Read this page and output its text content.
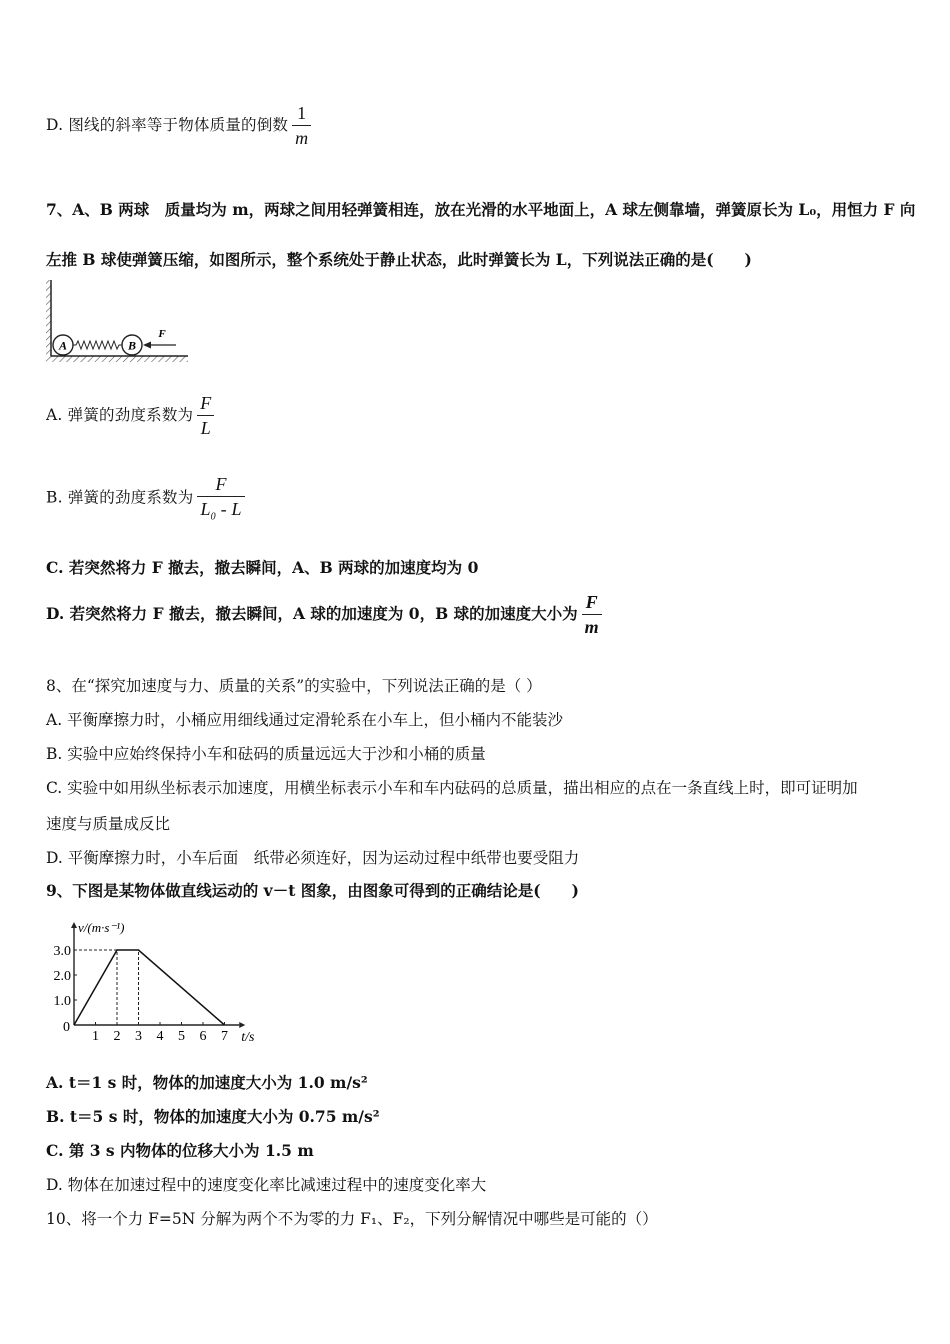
D. 图线的斜率等于物体质量的倒数 $\frac{1}{m}$
7、A、B 两球　质量均为 m，两球之间用轻弹簧相连，放在光滑的水平地面上，A 球左侧靠墙，弹簧原长为 L₀，用恒力 F 向
左推 B 球使弹簧压缩，如图所示，整个系统处于静止状态，此时弹簧长为 L，下列说法正确的是(　　)
A	B
F
A. 弹簧的劲度系数为 $\frac{F}{L}$
B. 弹簧的劲度系数为 $\frac{F}{L_0 - L}$
C. 若突然将力 F 撤去，撤去瞬间，A、B 两球的加速度均为 0
D. 若突然将力 F 撤去，撤去瞬间，A 球的加速度为 0，B 球的加速度大小为 $\frac{F}{m}$
8、在“探究加速度与力、质量的关系”的实验中，下列说法正确的是（ ）
A. 平衡摩擦力时，小桶应用细线通过定滑轮系在小车上，但小桶内不能装沙
B. 实验中应始终保持小车和砝码的质量远远大于沙和小桶的质量
C. 实验中如用纵坐标表示加速度，用横坐标表示小车和车内砝码的总质量，描出相应的点在一条直线上时，即可证明加
速度与质量成反比
D. 平衡摩擦力时，小车后面　纸带必须连好，因为运动过程中纸带也要受阻力
9、下图是某物体做直线运动的 v－t 图象，由图象可得到的正确结论是(　　)
1 2 3 4 5 6 7
1.0
2.0
3.0
0
t/s
v/(m·s⁻¹)
A. t＝1 s 时，物体的加速度大小为 1.0 m/s²
B. t＝5 s 时，物体的加速度大小为 0.75 m/s²
C. 第 3 s 内物体的位移大小为 1.5 m
D. 物体在加速过程中的速度变化率比减速过程中的速度变化率大
10、将一个力 F=5N 分解为两个不为零的力 F₁、F₂，下列分解情况中哪些是可能的（）
